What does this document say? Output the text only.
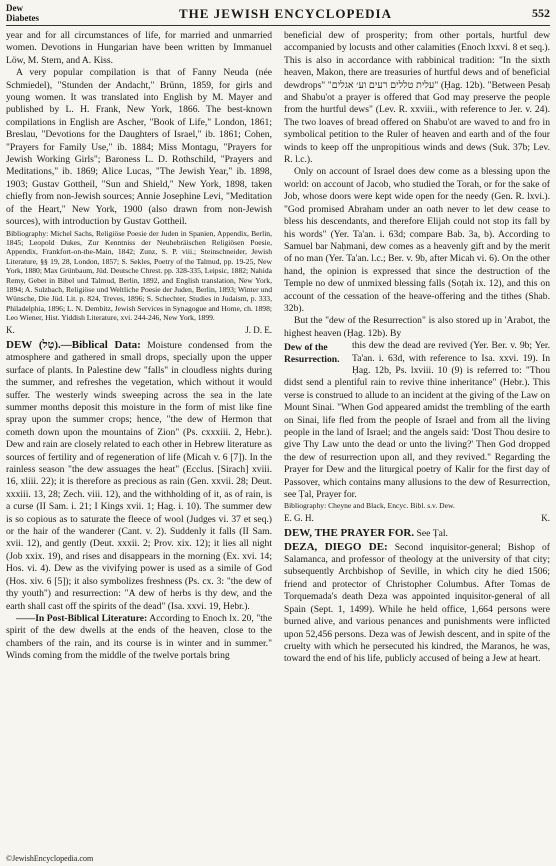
Dew
Diabetes	THE JEWISH ENCYCLOPEDIA	552

year and for all circumstances of life, for married and unmarried women. Devotions in Hungarian have been written by Immanuel Löw, M. Stern, and A. Kiss.

A very popular compilation is that of Fanny Neuda (née Schmiedel), "Stunden der Andacht," Brünn, 1859, for girls and young women. It was translated into English by M. Mayer and published by L. H. Frank, New York, 1866. The best-known compilations in English are Ascher, "Book of Life," London, 1861; Breslau, "Devotions for the Daughters of Israel," ib. 1861; Cohen, "Prayers for Family Use," ib. 1884; Miss Montagu, "Prayers for Jewish Working Girls"; Baroness L. D. Rothschild, "Prayers and Meditations," ib. 1869; Alice Lucas, "The Jewish Year," ib. 1898, 1903; Gustav Gottheil, "Sun and Shield," New York, 1898, taken chiefly from non-Jewish sources; Annie Josephine Levi, "Meditation of the Heart," New York, 1900 (also drawn from non-Jewish sources), with introduction by Gustav Gottheil.

Bibliography: Michel Sachs, Religiöse Poesie der Juden in Spanien, Appendix, Berlin, 1845; Leopold Dukes, Zur Kenntniss der Neuhebräischen Religiösen Poesie, Appendix, Frankfort-on-the-Main, 1842; Zunz, S. P. viii.; Steinschneider, Jewish Literature, §§ 19, 28, London, 1857; S. Sekles, Poetry of the Talmud, pp. 19-25, New York, 1880; Max Grünbaum, Jüd. Deutsche Chrest. pp. 328-335, Leipsic, 1882; Nahida Remy, Gebet in Bibel und Talmud, Berlin, 1892, and English translation, New York, 1894; A. Sulzbach, Religiöse und Weltliche Poesie der Juden, Berlin, 1893; Winter und Wünsche, Die Jüd. Lit. p. 824, Treves, 1896; S. Schechter, Studies in Judaism, p. 333, Philadelphia, 1896; L. N. Dembitz, Jewish Services in Synagogue and Home, ch. 1898; Leo Wiener, Hist. Yiddish Literature, xvi. 244-246, New York, 1899.

K.	J. D. E.

DEW (טַל).—Biblical Data: Moisture condensed from the atmosphere and gathered in small drops, specially upon the upper surface of plants. In Palestine dew "falls" in cloudless nights during the summer, and refreshes the vegetation, which without it would suffer. The westerly winds sweeping across the sea in the late summer months deposit this moisture in the form of mist like fine spray upon the summer crops; hence, "the dew of Hermon that cometh down upon the mountains of Zion" (Ps. cxxxiii. 2, Hebr.). Dew and rain are closely related to each other in Hebrew literature as sources of fertility and of regeneration of life (Micah v. 6 [7]). In the rainless season "the dew assuages the heat" (Ecclus. [Sirach] xviii. 16, xliii. 22); it is therefore as precious as rain (Gen. xxvii. 28; Deut. xxxiii. 13, 28; Zech. viii. 12), and the withholding of it, as of rain, is a curse (II Sam. i. 21; I Kings xvii. 1; Hag. i. 10). The summer dew is so copious as to saturate the fleece of wool (Judges vi. 37 et seq.) or the hair of the wanderer (Cant. v. 2). Suddenly it falls (II Sam. xvii. 12), and gently (Deut. xxxii. 2; Prov. xix. 12); it lies all night (Job xxix. 19), and rises and disappears in the morning (Ex. xvi. 14; Hos. vi. 4). Dew as the vivifying power is used as a simile of God (Hos. xiv. 6 [5]); it also symbolizes freshness (Ps. cx. 3: "the dew of thy youth") and resurrection: "A dew of herbs is thy dew, and the earth shall cast off the spirits of the dead" (Isa. xxvi. 19, Hebr.).

——In Post-Biblical Literature: According to Enoch lx. 20, "the spirit of the dew dwells at the ends of the heaven, close to the chambers of the rain, and its course is in winter and in summer." Winds coming from the middle of the twelve portals bring

beneficial dew of prosperity; from other portals, hurtful dew accompanied by locusts and other calamities (Enoch lxxvi. 8 et seq.). This is also in accordance with rabbinical tradition: "In the sixth heaven, Makon, there are treasuries of hurtful dews and of beneficial dewdrops" "עלית טללים רעים וע׳ אגלים" (Ḥag. 12b). "Between Pesaḥ and Shabu'ot a prayer is offered that God may preserve the people from the hurtful dews" (Lev. R. xxviii., with reference to Jer. v. 24). The two loaves of bread offered on Shabu'ot are waved to and fro in symbolical petition to the Ruler of heaven and earth and of the four winds to keep off the unpropitious winds and dews (Suk. 37b; Lev. R. l.c.).

Only on account of Israel does dew come as a blessing upon the world: on account of Jacob, who studied the Torah, or for the sake of Job, whose doors were kept wide open for the needy (Gen. R. lxvi.). "God promised Abraham under an oath never to let dew cease to bless his descendants, and therefore Elijah could not stop its fall by his words" (Yer. Ta'an. i. 63d; compare Bab. 3a, b). According to Samuel bar Naḥmani, dew comes as a heavenly gift and by the merit of no man (Yer. Ta'an. l.c.; Ber. v. 9b, after Micah vi. 6). On the other hand, the opinion is expressed that since the destruction of the Temple no dew of unmixed blessing falls (Soṭah ix. 12), and this on account of the cessation of the heave-offering and the tithes (Shab. 32b).

But the "dew of the Resurrection" is also stored up in 'Arabot, the highest heaven (Ḥag. 12b). By

Dew of the Resurrection.
this dew the dead are revived (Yer. Ber. v. 9b; Yer. Ta'an. i. 63d, with reference to Isa. xxvi. 19). In Ḥag. 12b, Ps. lxviii. 10 (9) is referred to: "Thou didst send a plentiful rain to revive thine inheritance" (Hebr.). This verse is construed to allude to an incident at the giving of the Law on Mount Sinai. "When God appeared amidst the trembling of the earth on Sinai, life fled from the people of Israel and from all the living people in the land of Israel; and the angels said: 'Dost Thou desire to give Thy Law unto the dead or unto the living?' Then God dropped the dew of resurrection upon all, and they revived." Regarding the Prayer for Dew and the liturgical poetry of Kalir for the first day of Passover, which contains many allusions to the dew of Resurrection, see Ṭal, Prayer for.

Bibliography: Cheyne and Black, Encyc. Bibl. s.v. Dew.

E. G. H.	K.

DEW, THE PRAYER FOR. See Ṭal.

DEZA, DIEGO DE: Second inquisitor-general; Bishop of Salamanca, and professor of theology at the university of that city; subsequently Archbishop of Seville, in which city he died 1506; friend and protector of Christopher Columbus. After Tomas de Torquemada's death Deza was appointed inquisitor-general of all Spain (Sept. 1, 1499). While he held office, 1,664 persons were burned alive, and various penances and punishments were inflicted upon 52,456 persons. Deza was of Jewish descent, and in spite of the cruelty with which he persecuted his kindred, the Maranos, he was, toward the end of his life, publicly accused of being a Jew at heart.

©JewishEncyclopedia.com
